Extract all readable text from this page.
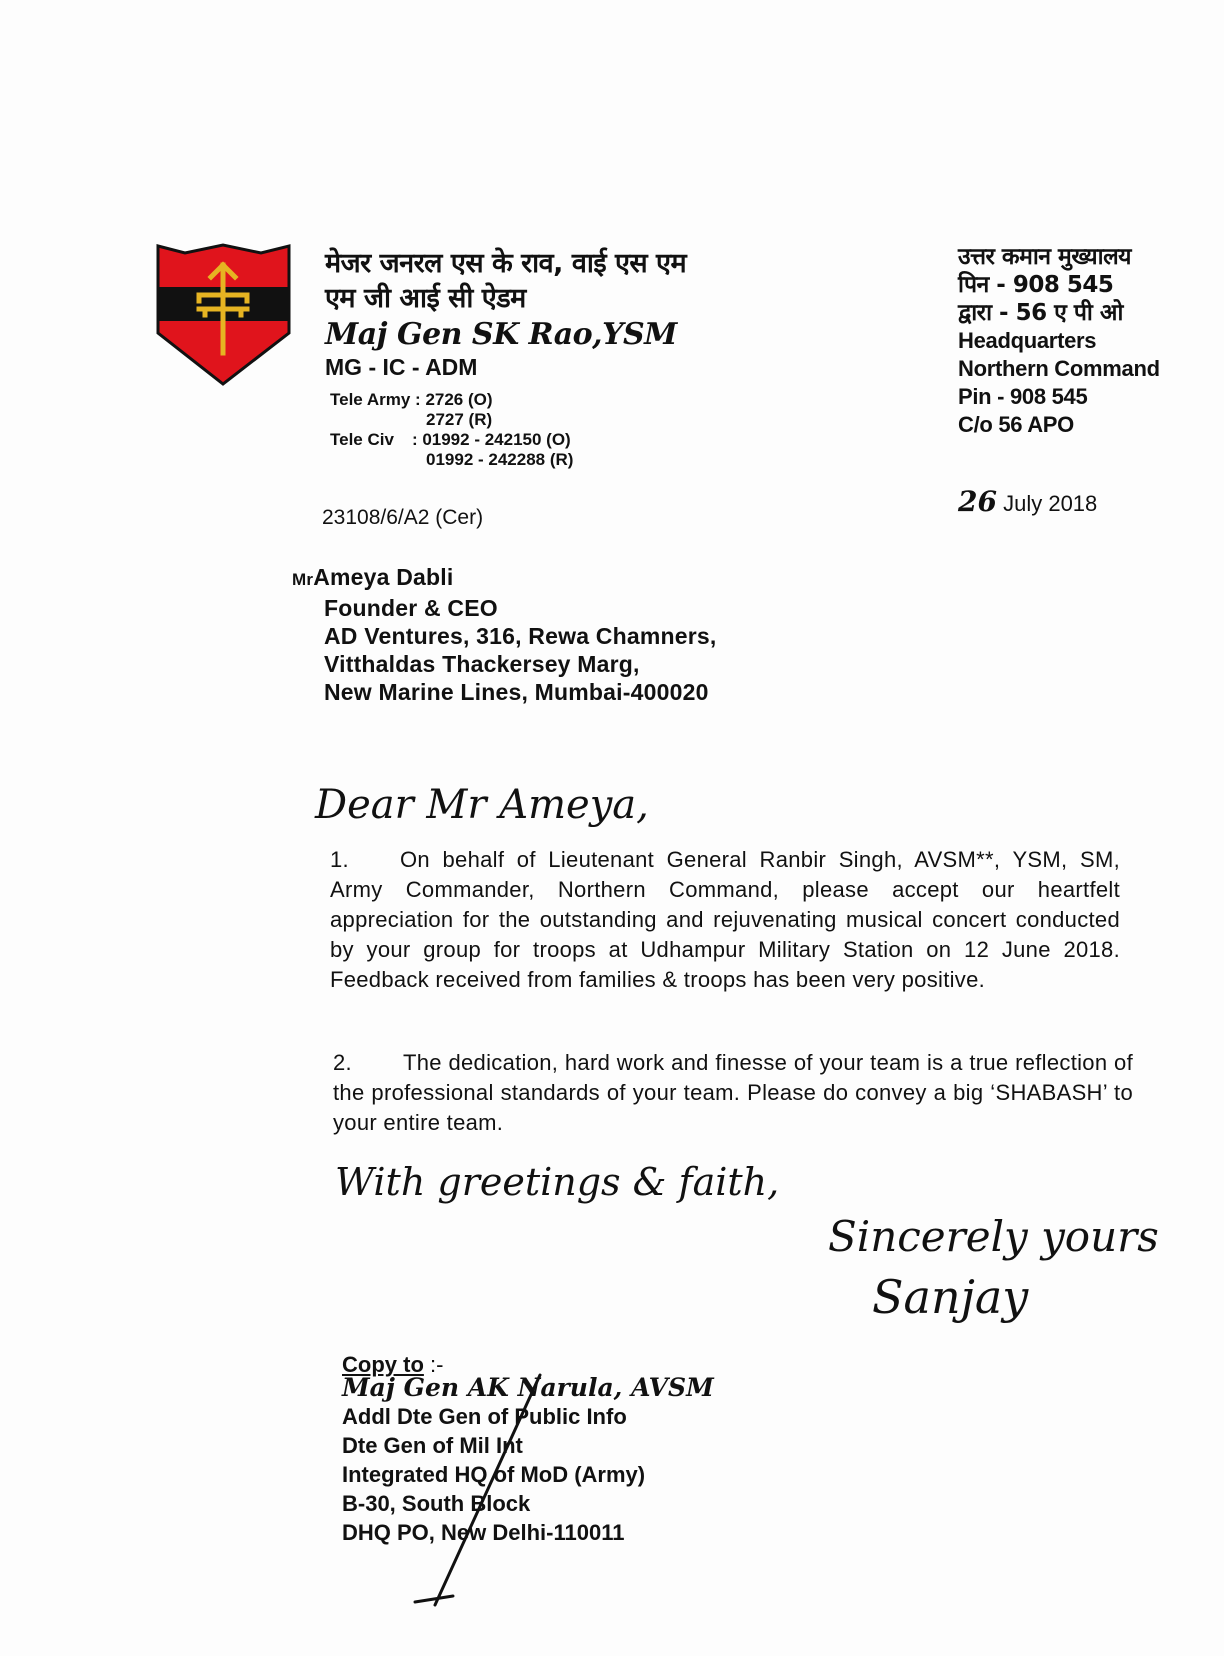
मेजर जनरल एस के राव, वाई एस एम
एम जी आई सी ऐडम
Maj Gen SK Rao,YSM
MG - IC - ADM
Tele Army : 2726 (O)
2727 (R)
Tele Civ : 01992 - 242150 (O)
01992 - 242288 (R)
उत्तर कमान मुख्यालय
पिन - 908 545
द्वारा - 56 ए पी ओ
Headquarters
Northern Command
Pin - 908 545
C/o 56 APO
23108/6/A2 (Cer)	26 July 2018
MrAmeya Dabli
Founder & CEO
AD Ventures, 316, Rewa Chamners,
Vitthaldas Thackersey Marg,
New Marine Lines, Mumbai-400020
Dear Mr Ameya,
1. On behalf of Lieutenant General Ranbir Singh, AVSM**, YSM, SM, Army Commander, Northern Command, please accept our heartfelt appreciation for the outstanding and rejuvenating musical concert conducted by your group for troops at Udhampur Military Station on 12 June 2018. Feedback received from families & troops has been very positive.
2. The dedication, hard work and finesse of your team is a true reflection of the professional standards of your team. Please do convey a big ‘SHABASH’ to your entire team.
With greetings & faith,
Sincerely yours
Sanjay
Copy to :-
Maj Gen AK Narula, AVSM
Addl Dte Gen of Public Info
Dte Gen of Mil Int
Integrated HQ of MoD (Army)
B-30, South Block
DHQ PO, New Delhi-110011
